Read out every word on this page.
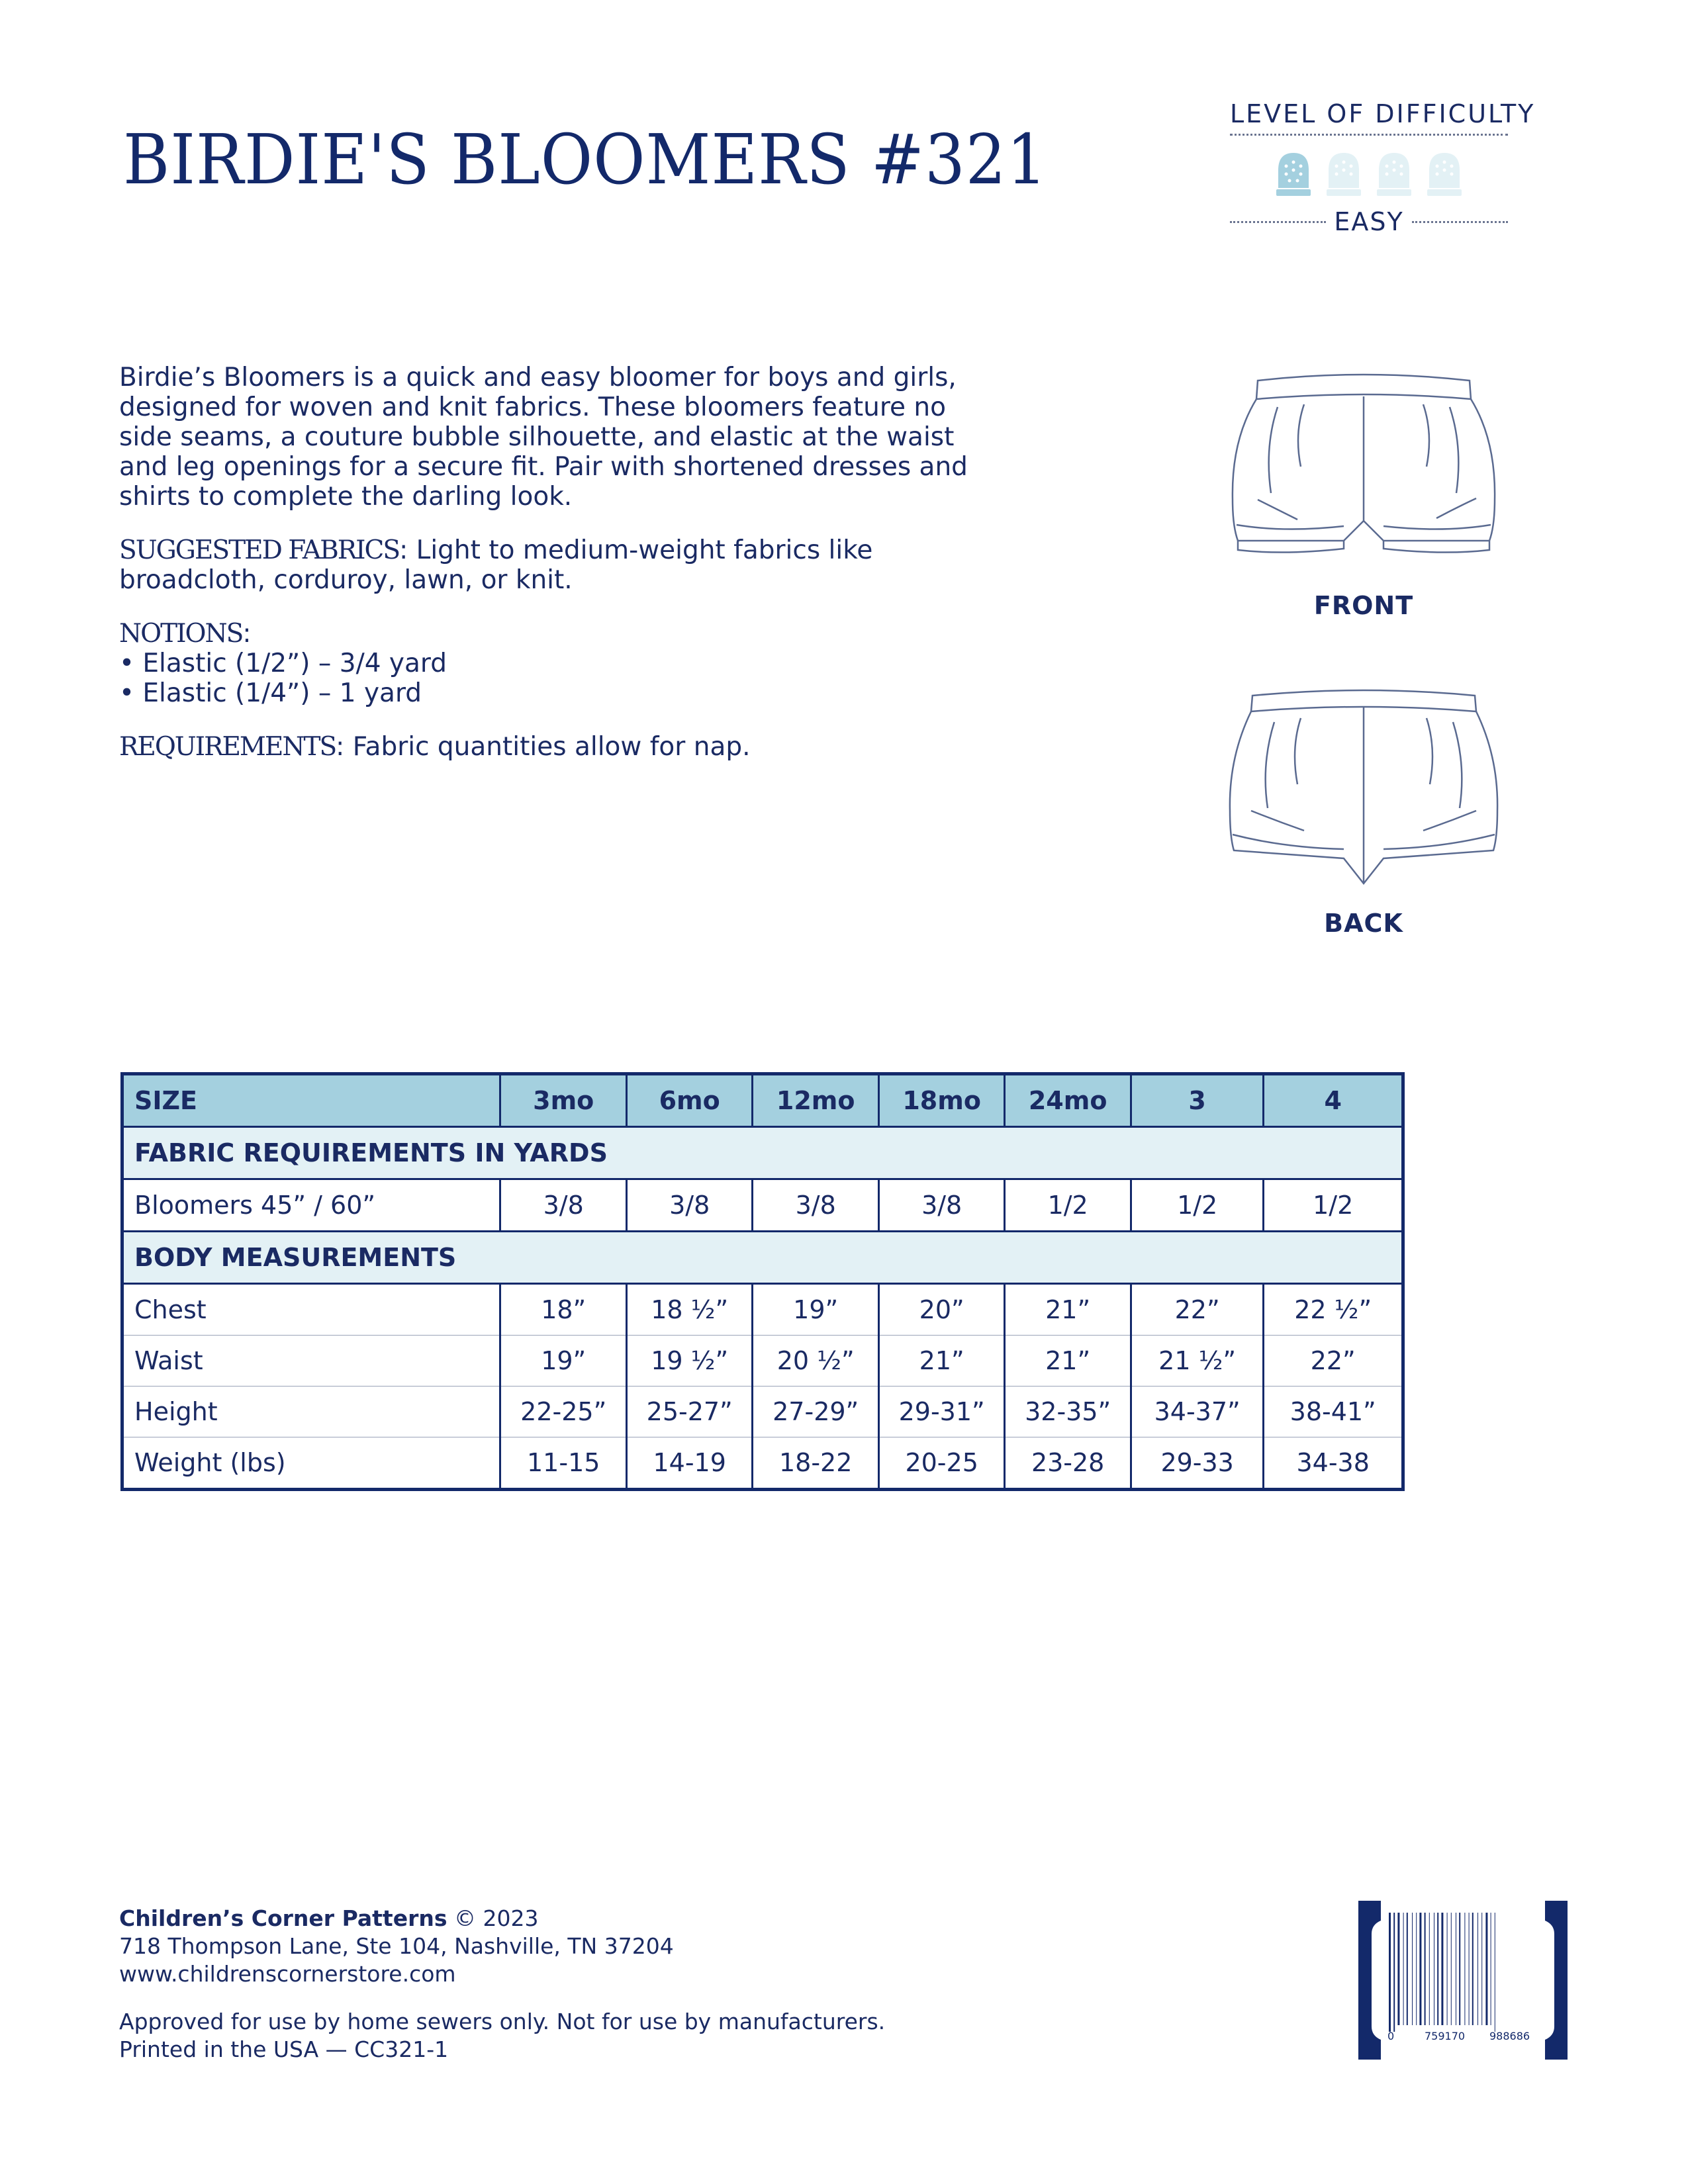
BIRDIE'S BLOOMERS #321
LEVEL OF DIFFICULTY
EASY

Birdie’s Bloomers is a quick and easy bloomer for boys and girls, designed for woven and knit fabrics. These bloomers feature no side seams, a couture bubble silhouette, and elastic at the waist and leg openings for a secure fit. Pair with shortened dresses and shirts to complete the darling look.

SUGGESTED FABRICS: Light to medium-weight fabrics like broadcloth, corduroy, lawn, or knit.

NOTIONS:
• Elastic (1/2”) – 3/4 yard
• Elastic (1/4”) – 1 yard

REQUIREMENTS: Fabric quantities allow for nap.

FRONT
BACK
SIZE	3mo	6mo	12mo	18mo	24mo	3	4
FABRIC REQUIREMENTS IN YARDS							
Bloomers 45” / 60”	3/8	3/8	3/8	3/8	1/2	1/2	1/2
BODY MEASUREMENTS							
Chest	18”	18 ½”	19”	20”	21”	22”	22 ½”
Waist	19”	19 ½”	20 ½”	21”	21”	21 ½”	22”
Height	22-25”	25-27”	27-29”	29-31”	32-35”	34-37”	38-41”
Weight (lbs)	11-15	14-19	18-22	20-25	23-28	29-33	34-38
Children’s Corner Patterns © 2023
718 Thompson Lane, Ste 104, Nashville, TN 37204
www.childrenscornerstore.com
Approved for use by home sewers only. Not for use by manufacturers.
Printed in the USA — CC321-1
0	759170 988686
